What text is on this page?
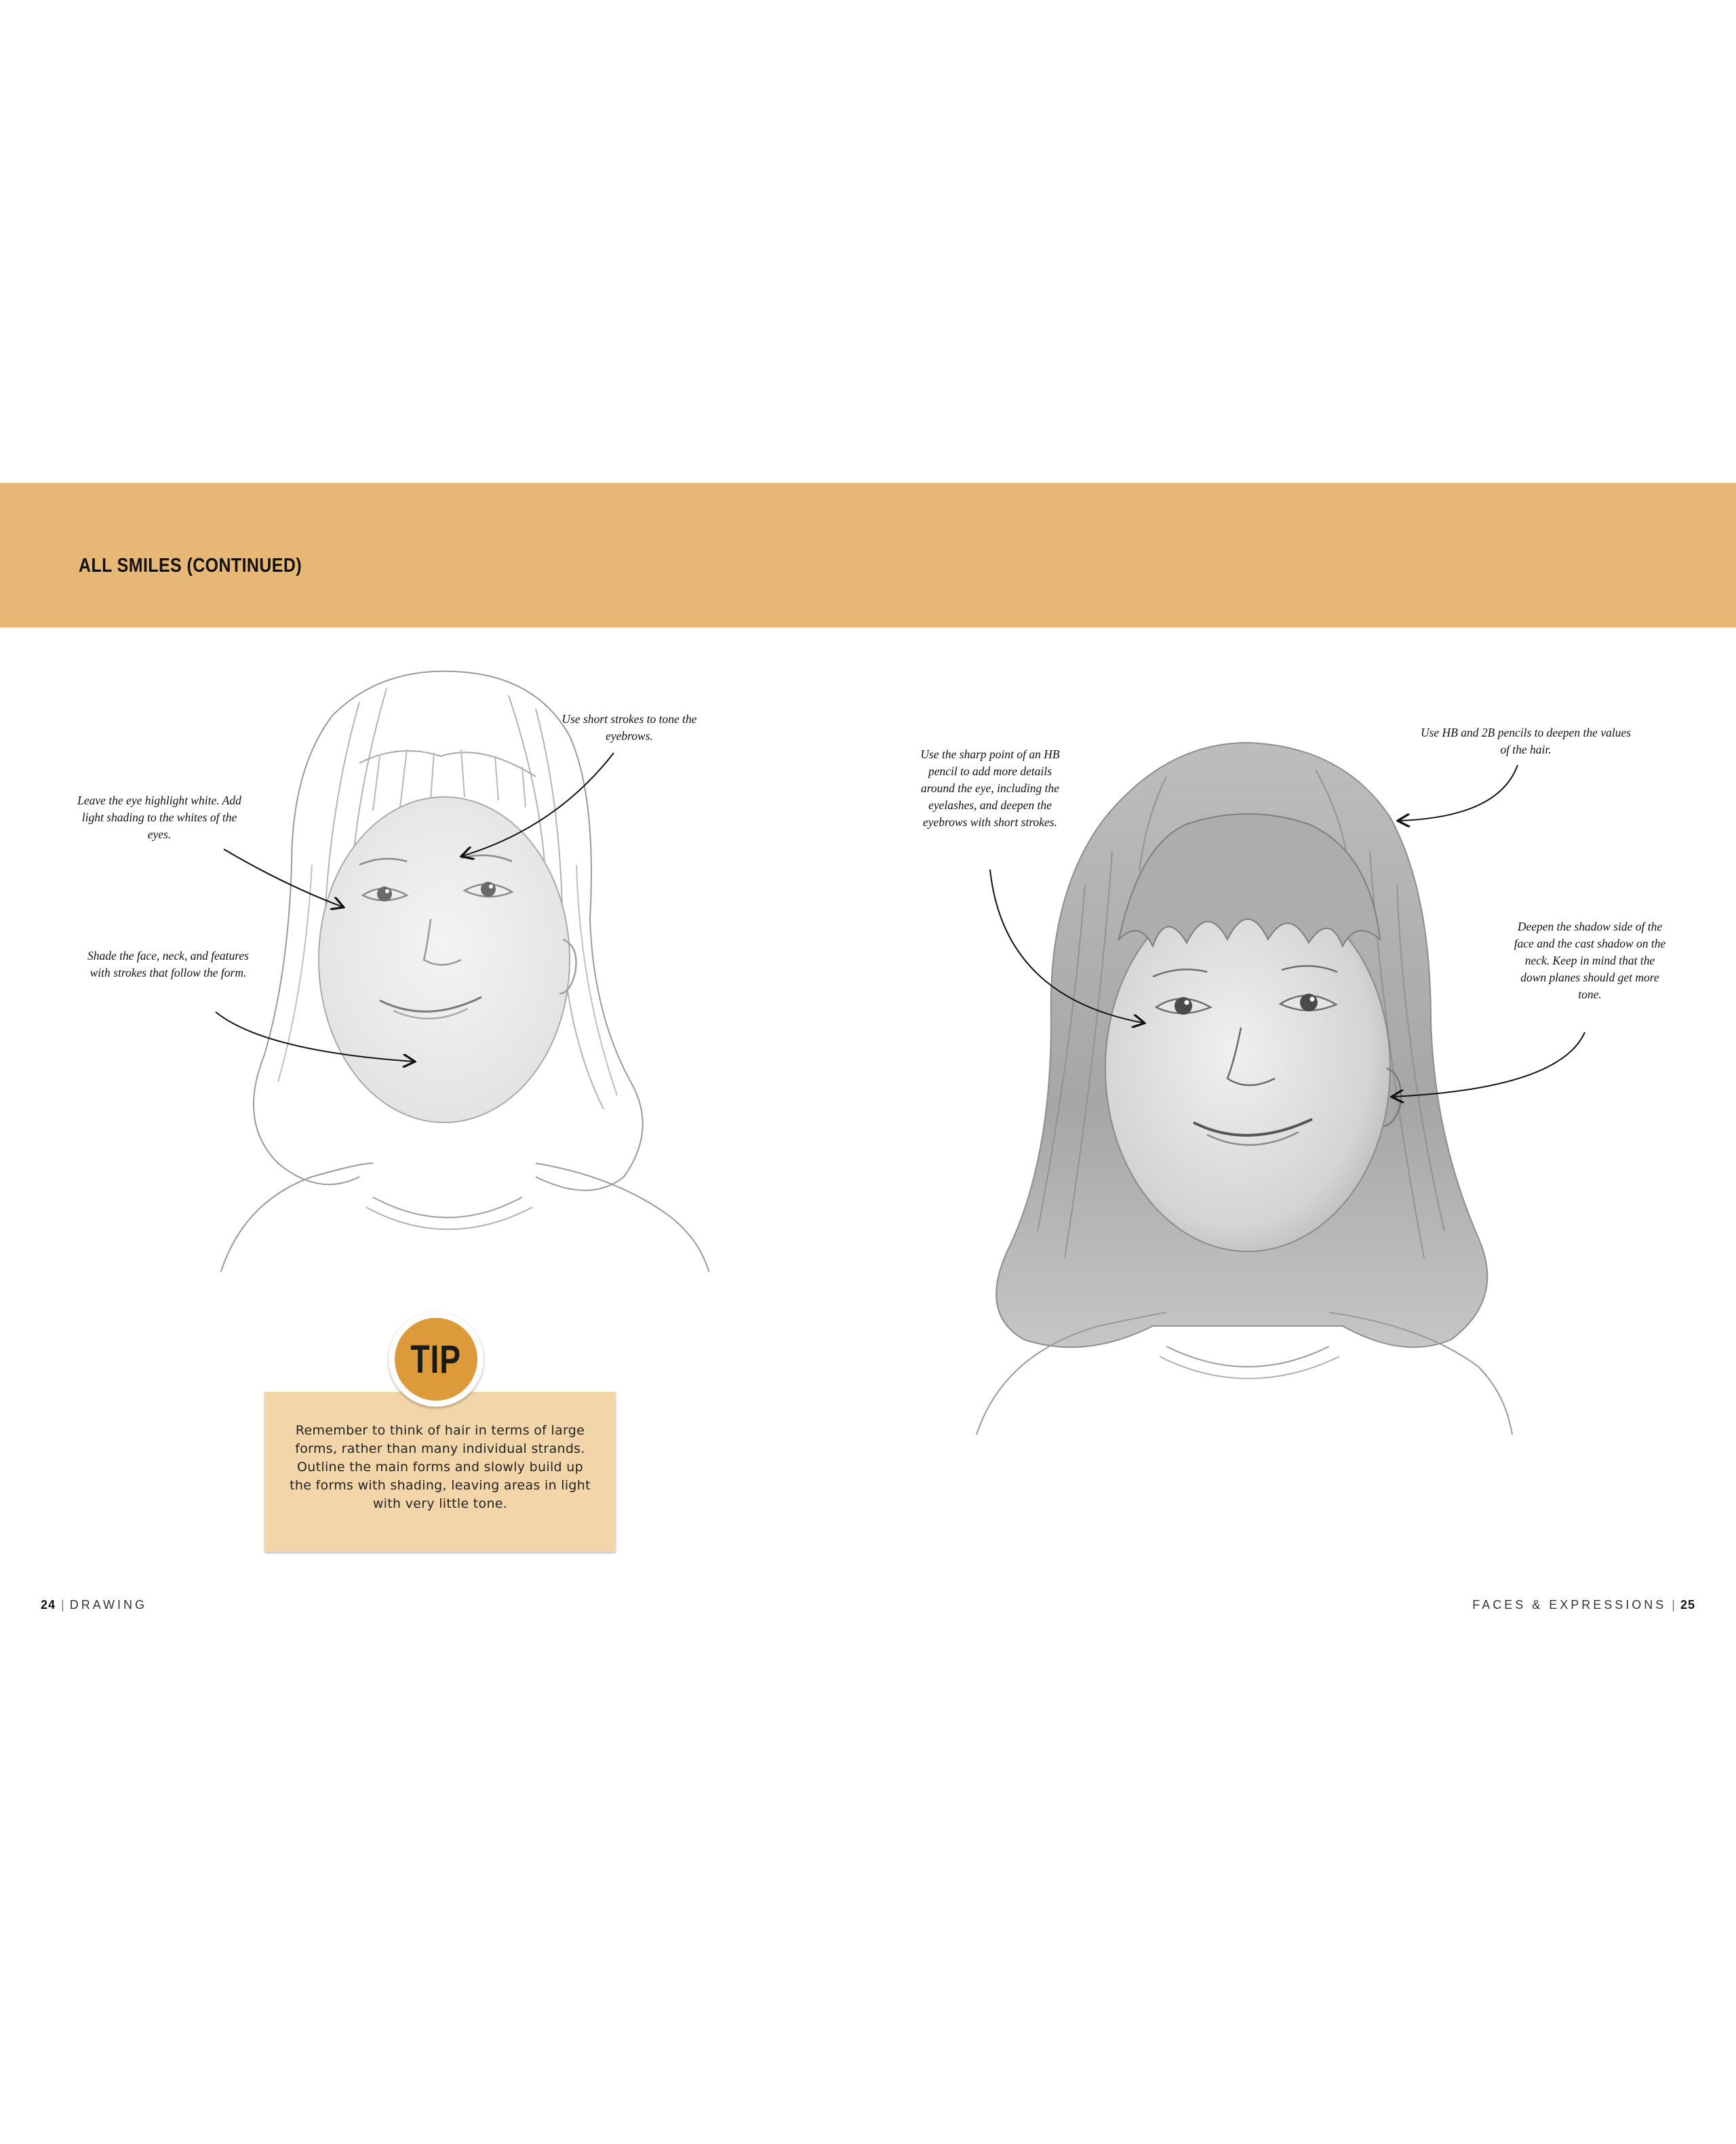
ALL SMILES (CONTINUED)
Use short strokes to tone the eyebrows.
Leave the eye highlight white. Add light shading to the whites of the eyes.
Shade the face, neck, and features with strokes that follow the form.
Use HB and 2B pencils to deepen the values of the hair.
Use the sharp point of an HB pencil to add more details around the eye, including the eyelashes, and deepen the eyebrows with short strokes.
Deepen the shadow side of the face and the cast shadow on the neck. Keep in mind that the down planes should get more tone.
Remember to think of hair in terms of large forms, rather than many individual strands. Outline the main forms and slowly build up the forms with shading, leaving areas in light with very little tone.
TIP
24 | DRAWING	FACES & EXPRESSIONS | 25
